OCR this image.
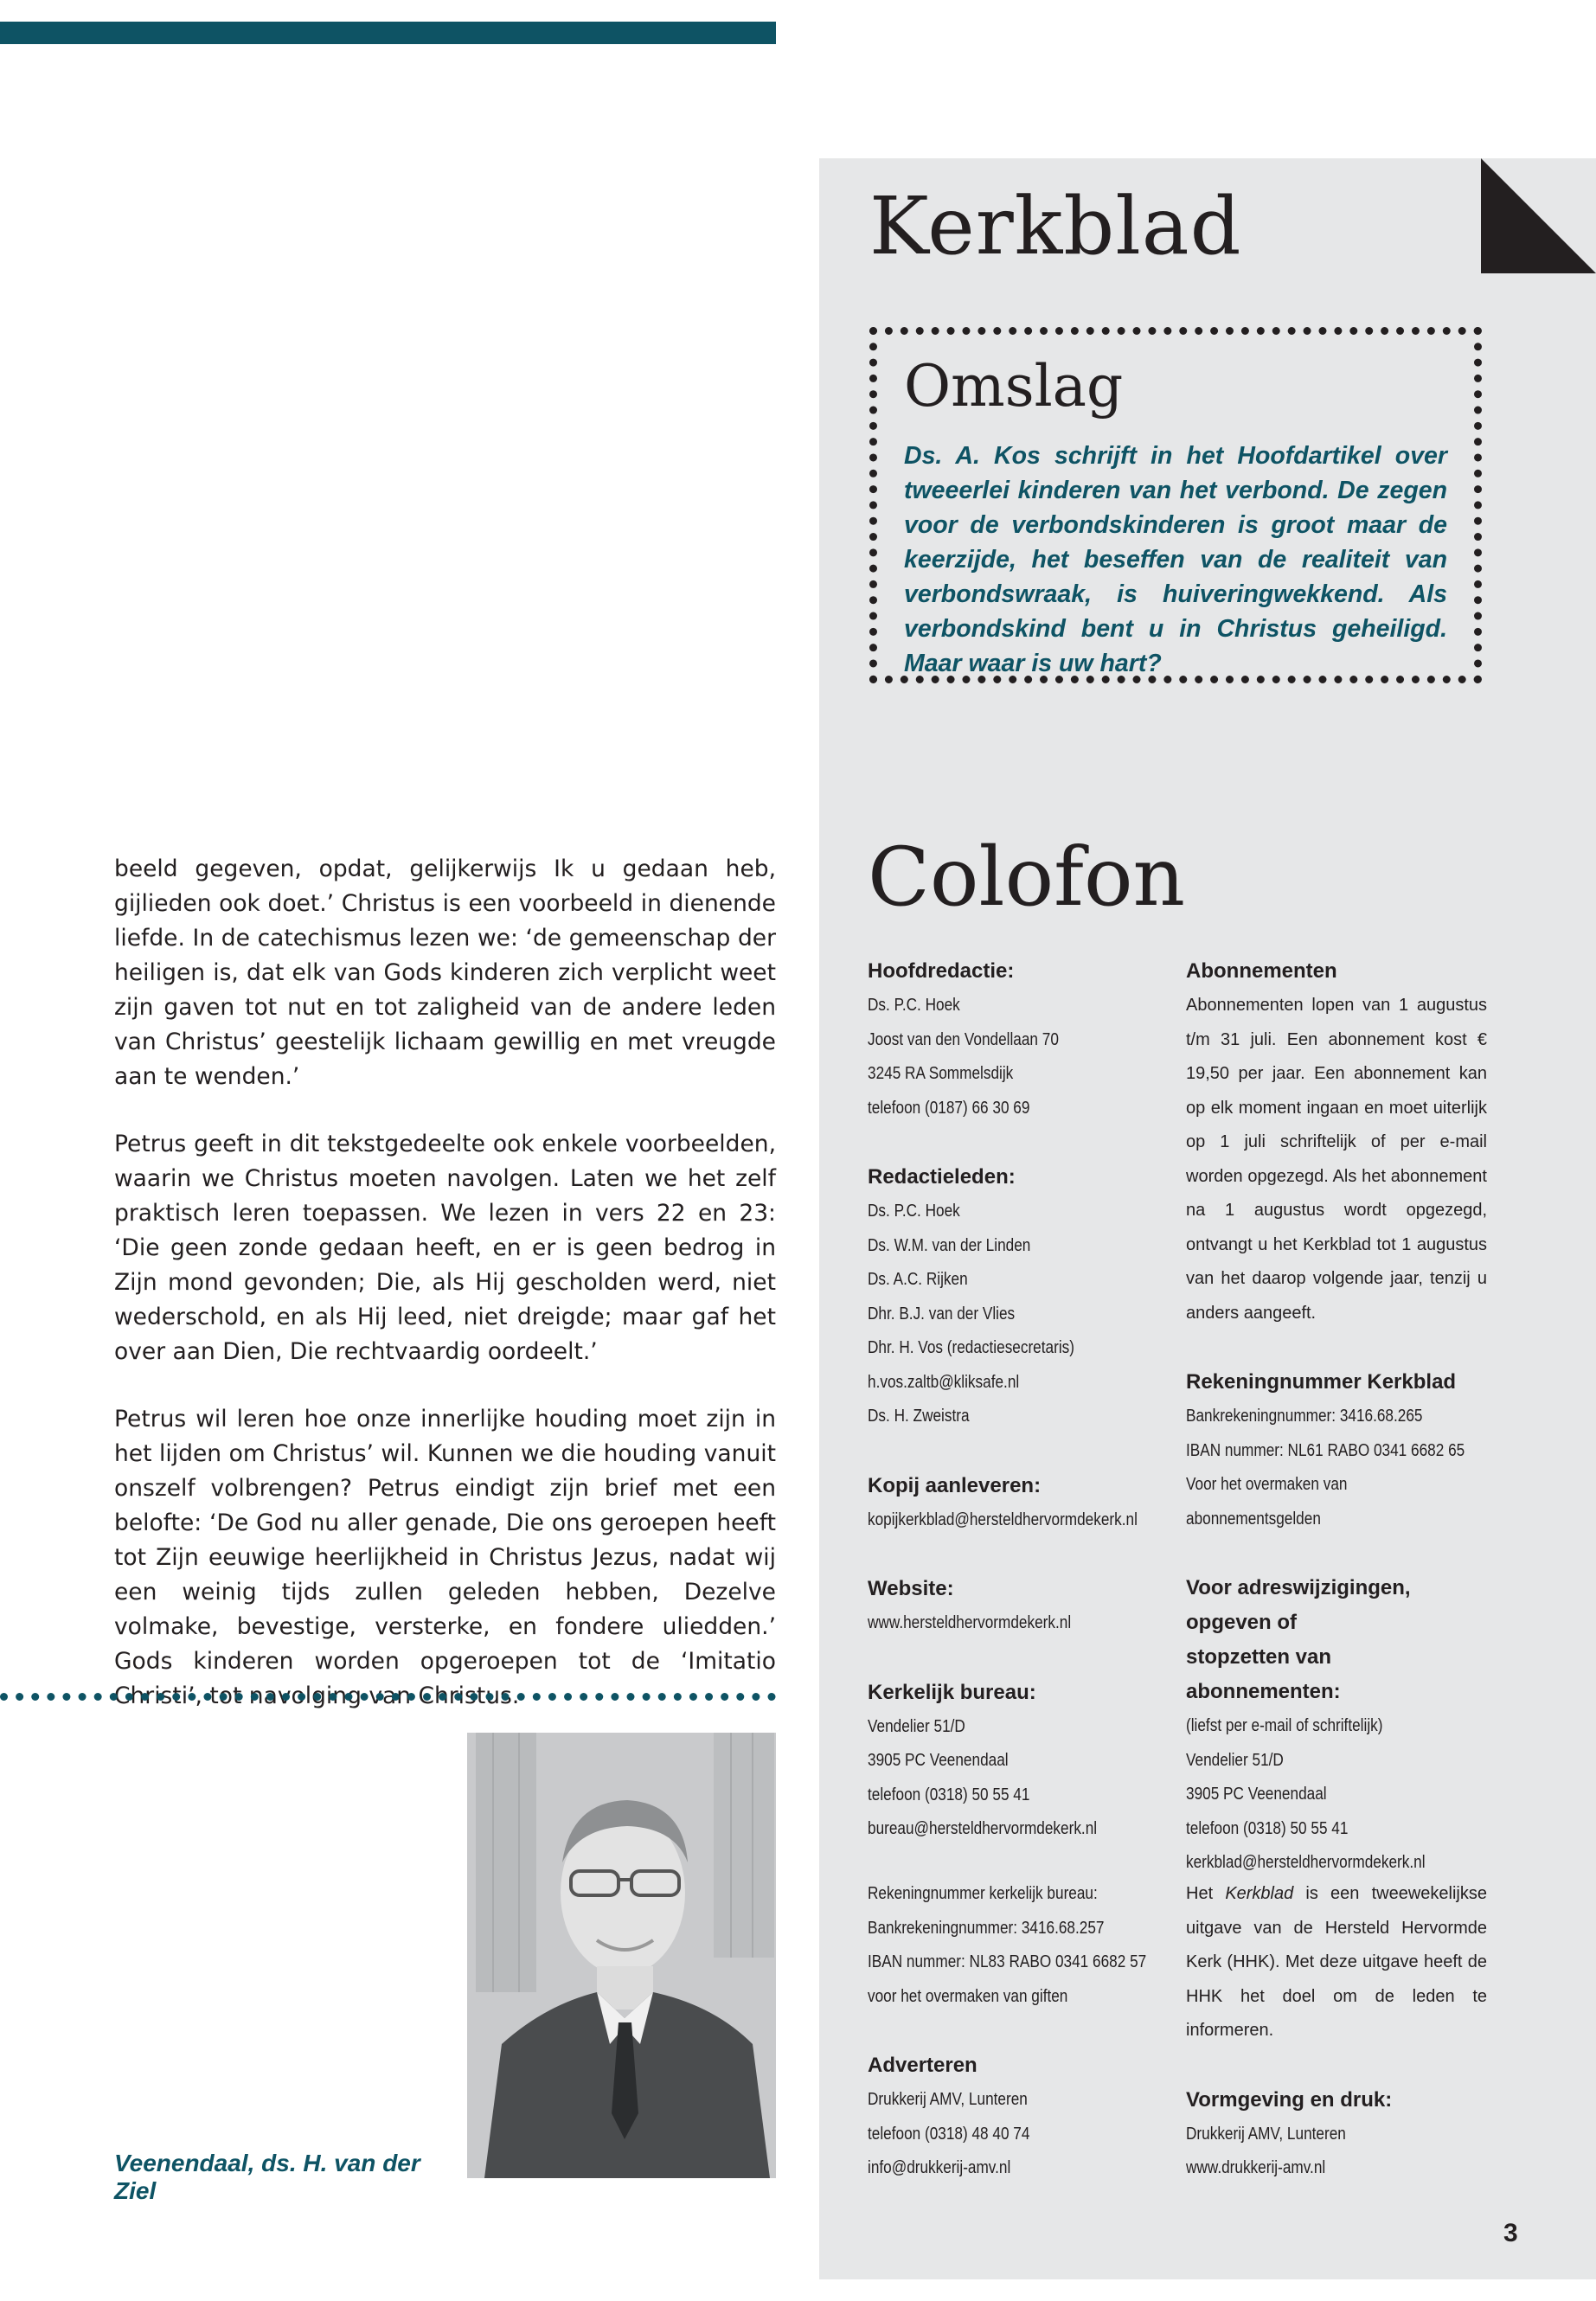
Kerkblad
Omslag
Ds. A. Kos schrijft in het Hoofdartikel over tweeerlei kinderen van het verbond. De zegen voor de verbondskinderen is groot maar de keerzijde, het beseffen van de realiteit van verbondswraak, is huiveringwekkend. Als verbondskind bent u in Christus geheiligd. Maar waar is uw hart?

beeld gegeven, opdat, gelijkerwijs Ik u gedaan heb, gijlieden ook doet.’ Christus is een voorbeeld in dienende liefde. In de catechismus lezen we: ‘de gemeenschap der heiligen is, dat elk van Gods kinderen zich verplicht weet zijn gaven tot nut en tot zaligheid van de andere leden van Christus’ geestelijk lichaam gewillig en met vreugde aan te wenden.’

Petrus geeft in dit tekstgedeelte ook enkele voorbeelden, waarin we Christus moeten navolgen. Laten we het zelf praktisch leren toepassen. We lezen in vers 22 en 23: ‘Die geen zonde gedaan heeft, en er is geen bedrog in Zijn mond gevonden; Die, als Hij gescholden werd, niet wederschold, en als Hij leed, niet dreigde; maar gaf het over aan Dien, Die rechtvaardig oordeelt.’

Petrus wil leren hoe onze innerlijke houding moet zijn in het lijden om Christus’ wil. Kunnen we die houding vanuit onszelf volbrengen? Petrus eindigt zijn brief met een belofte: ‘De God nu aller genade, Die ons geroepen heeft tot Zijn eeuwige heerlijkheid in Christus Jezus, nadat wij een weinig tijds zullen geleden hebben, Dezelve volmake, bevestige, versterke, en fondere uliedden.’ Gods kinderen worden opgeroepen tot de ‘Imitatio Christi’, tot navolging van Christus.

Veenendaal, ds. H. van der Ziel
Colofon
Hoofdredactie:
Ds. P.C. Hoek
Joost van den Vondellaan 70
3245 RA Sommelsdijk
telefoon (0187) 66 30 69
Redactieleden:
Ds. P.C. Hoek
Ds. W.M. van der Linden
Ds. A.C. Rijken
Dhr. B.J. van der Vlies
Dhr. H. Vos (redactiesecretaris)
h.vos.zaltb@kliksafe.nl
Ds. H. Zweistra
Kopij aanleveren:
kopijkerkblad@hersteldhervormdekerk.nl
Website:
www.hersteldhervormdekerk.nl
Kerkelijk bureau:
Vendelier 51/D
3905 PC Veenendaal
telefoon (0318) 50 55 41
bureau@hersteldhervormdekerk.nl
Abonnementen
Abonnementen lopen van 1 augustus t/m 31 juli. Een abonnement kost € 19,50 per jaar. Een abonnement kan op elk moment ingaan en moet uiterlijk op 1 juli schriftelijk of per e-mail worden opgezegd. Als het abonnement na 1 augustus wordt opgezegd, ontvangt u het Kerkblad tot 1 augustus van het daarop volgende jaar, tenzij u anders aangeeft.
Rekeningnummer Kerkblad
Bankrekeningnummer: 3416.68.265
IBAN nummer: NL61 RABO 0341 6682 65
Voor het overmaken van
abonnementsgelden
Voor adreswijzigingen,
opgeven of
stopzetten van
abonnementen:
(liefst per e-mail of schriftelijk)
Vendelier 51/D
3905 PC Veenendaal
telefoon (0318) 50 55 41
kerkblad@hersteldhervormdekerk.nl
Rekeningnummer kerkelijk bureau:
Bankrekeningnummer: 3416.68.257
IBAN nummer: NL83 RABO 0341 6682 57
voor het overmaken van giften
Adverteren
Drukkerij AMV, Lunteren
telefoon (0318) 48 40 74
info@drukkerij-amv.nl
Het Kerkblad is een tweewekelijkse uitgave van de Hersteld Hervormde Kerk (HHK). Met deze uitgave heeft de HHK het doel om de leden te informeren.
Vormgeving en druk:
Drukkerij AMV, Lunteren
www.drukkerij-amv.nl
3
